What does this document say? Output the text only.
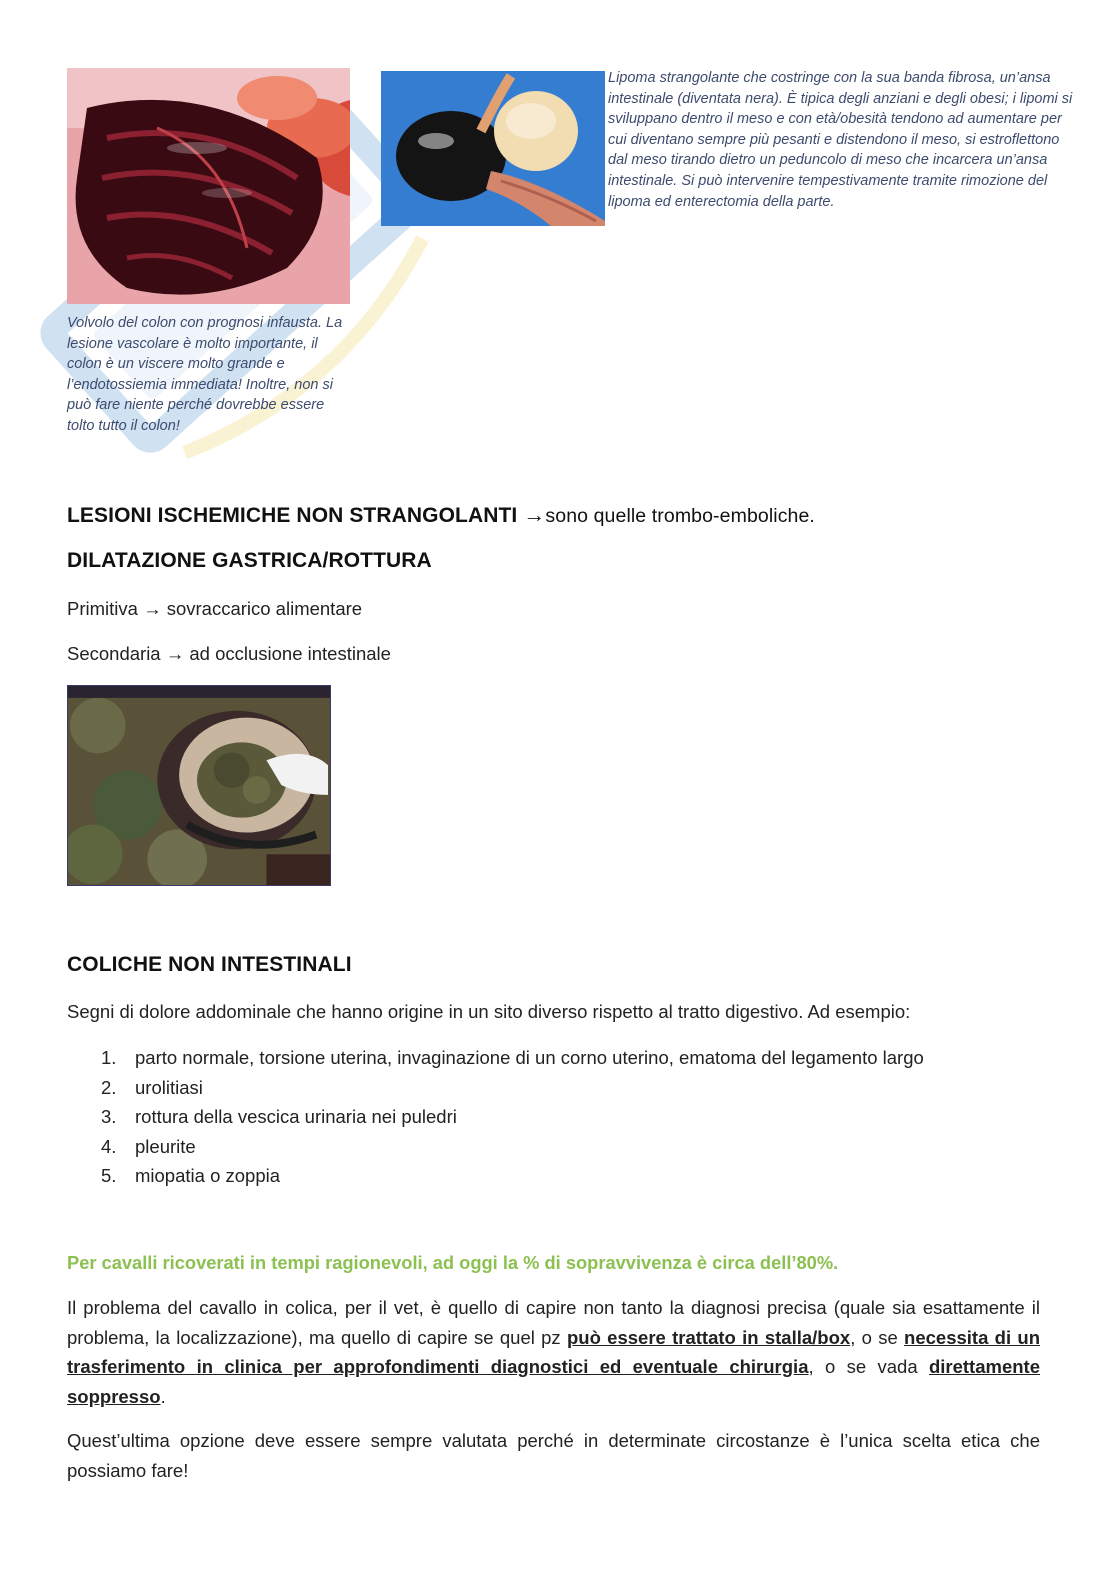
Lipoma strangolante che costringe con la sua banda fibrosa, un’ansa intestinale (diventata nera). È tipica degli anziani e degli obesi; i lipomi si sviluppano dentro il meso e con età/obesità tendono ad aumentare per cui diventano sempre più pesanti e distendono il meso, si estroflettono dal meso tirando dietro un peduncolo di meso che incarcera un’ansa intestinale. Si può intervenire tempestivamente tramite rimozione del lipoma ed enterectomia della parte.
Volvolo del colon con prognosi infausta. La lesione vascolare è molto importante, il colon è un viscere molto grande e l’endotossiemia immediata! Inoltre, non si può fare niente perché dovrebbe essere tolto tutto il colon!
LESIONI ISCHEMICHE NON STRANGOLANTI →sono quelle trombo-emboliche.
DILATAZIONE GASTRICA/ROTTURA
Primitiva → sovraccarico alimentare
Secondaria → ad occlusione intestinale
COLICHE NON INTESTINALI
Segni di dolore addominale che hanno origine in un sito diverso rispetto al tratto digestivo. Ad esempio:
1. parto normale, torsione uterina, invaginazione di un corno uterino, ematoma del legamento largo
2. urolitiasi
3. rottura della vescica urinaria nei puledri
4. pleurite
5. miopatia o zoppia
Per cavalli ricoverati in tempi ragionevoli, ad oggi la % di sopravvivenza è circa dell’80%.
Il problema del cavallo in colica, per il vet, è quello di capire non tanto la diagnosi precisa (quale sia esattamente il problema, la localizzazione), ma quello di capire se quel pz può essere trattato in stalla/box, o se necessita di un trasferimento in clinica per approfondimenti diagnostici ed eventuale chirurgia, o se vada direttamente soppresso.
Quest’ultima opzione deve essere sempre valutata perché in determinate circostanze è l’unica scelta etica che possiamo fare!
